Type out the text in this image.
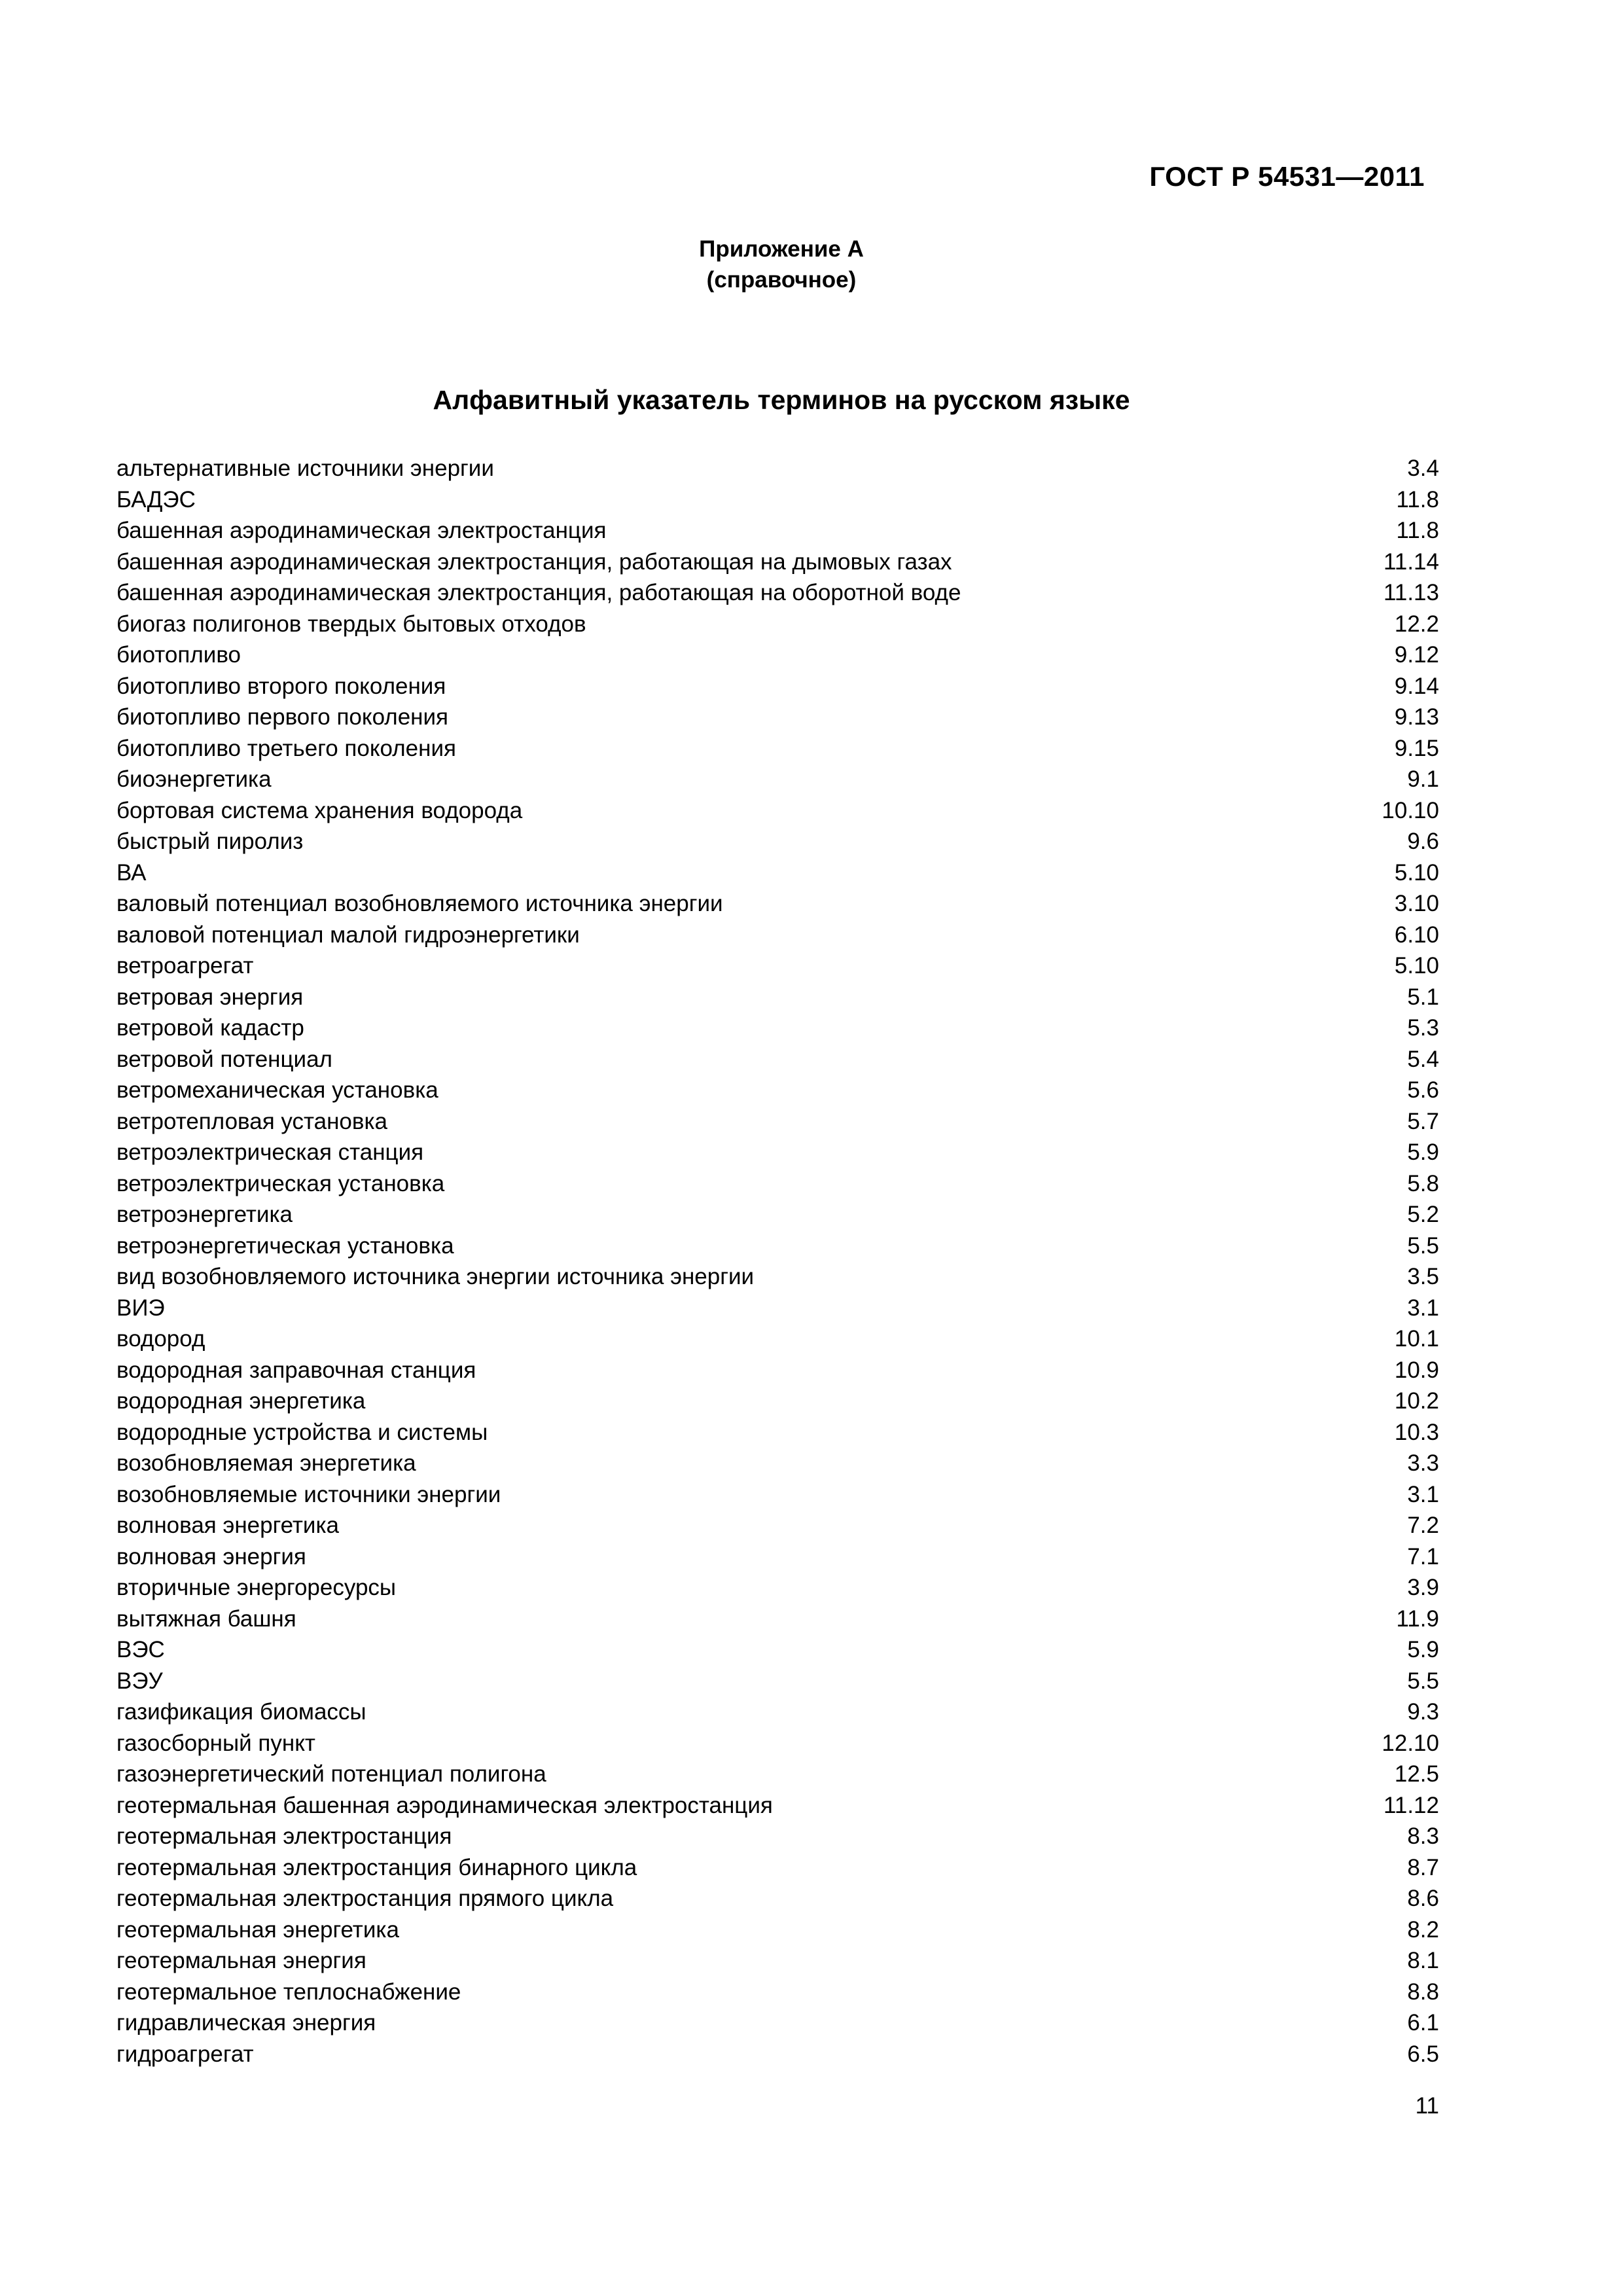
ГОСТ Р 54531—2011
Приложение А
(справочное)
Алфавитный указатель терминов на русском языке
альтернативные источники энергии	3.4
БАДЭС	11.8
башенная аэродинамическая электростанция	11.8
башенная аэродинамическая электростанция, работающая на дымовых газах	11.14
башенная аэродинамическая электростанция, работающая на оборотной воде	11.13
биогаз полигонов твердых бытовых отходов	12.2
биотопливо	9.12
биотопливо второго поколения	9.14
биотопливо первого поколения	9.13
биотопливо третьего поколения	9.15
биоэнергетика	9.1
бортовая система хранения водорода	10.10
быстрый пиролиз	9.6
ВА	5.10
валовый потенциал возобновляемого источника энергии	3.10
валовой потенциал малой гидроэнергетики	6.10
ветроагрегат	5.10
ветровая энергия	5.1
ветровой кадастр	5.3
ветровой потенциал	5.4
ветромеханическая установка	5.6
ветротепловая установка	5.7
ветроэлектрическая станция	5.9
ветроэлектрическая установка	5.8
ветроэнергетика	5.2
ветроэнергетическая установка	5.5
вид возобновляемого источника энергии источника энергии	3.5
ВИЭ	3.1
водород	10.1
водородная заправочная станция	10.9
водородная энергетика	10.2
водородные устройства и системы	10.3
возобновляемая энергетика	3.3
возобновляемые источники энергии	3.1
волновая энергетика	7.2
волновая энергия	7.1
вторичные энергоресурсы	3.9
вытяжная башня	11.9
ВЭС	5.9
ВЭУ	5.5
газификация биомассы	9.3
газосборный пункт	12.10
газоэнергетический потенциал полигона	12.5
геотермальная башенная аэродинамическая электростанция	11.12
геотермальная электростанция	8.3
геотермальная электростанция бинарного цикла	8.7
геотермальная электростанция прямого цикла	8.6
геотермальная энергетика	8.2
геотермальная энергия	8.1
геотермальное теплоснабжение	8.8
гидравлическая энергия	6.1
гидроагрегат	6.5
11
